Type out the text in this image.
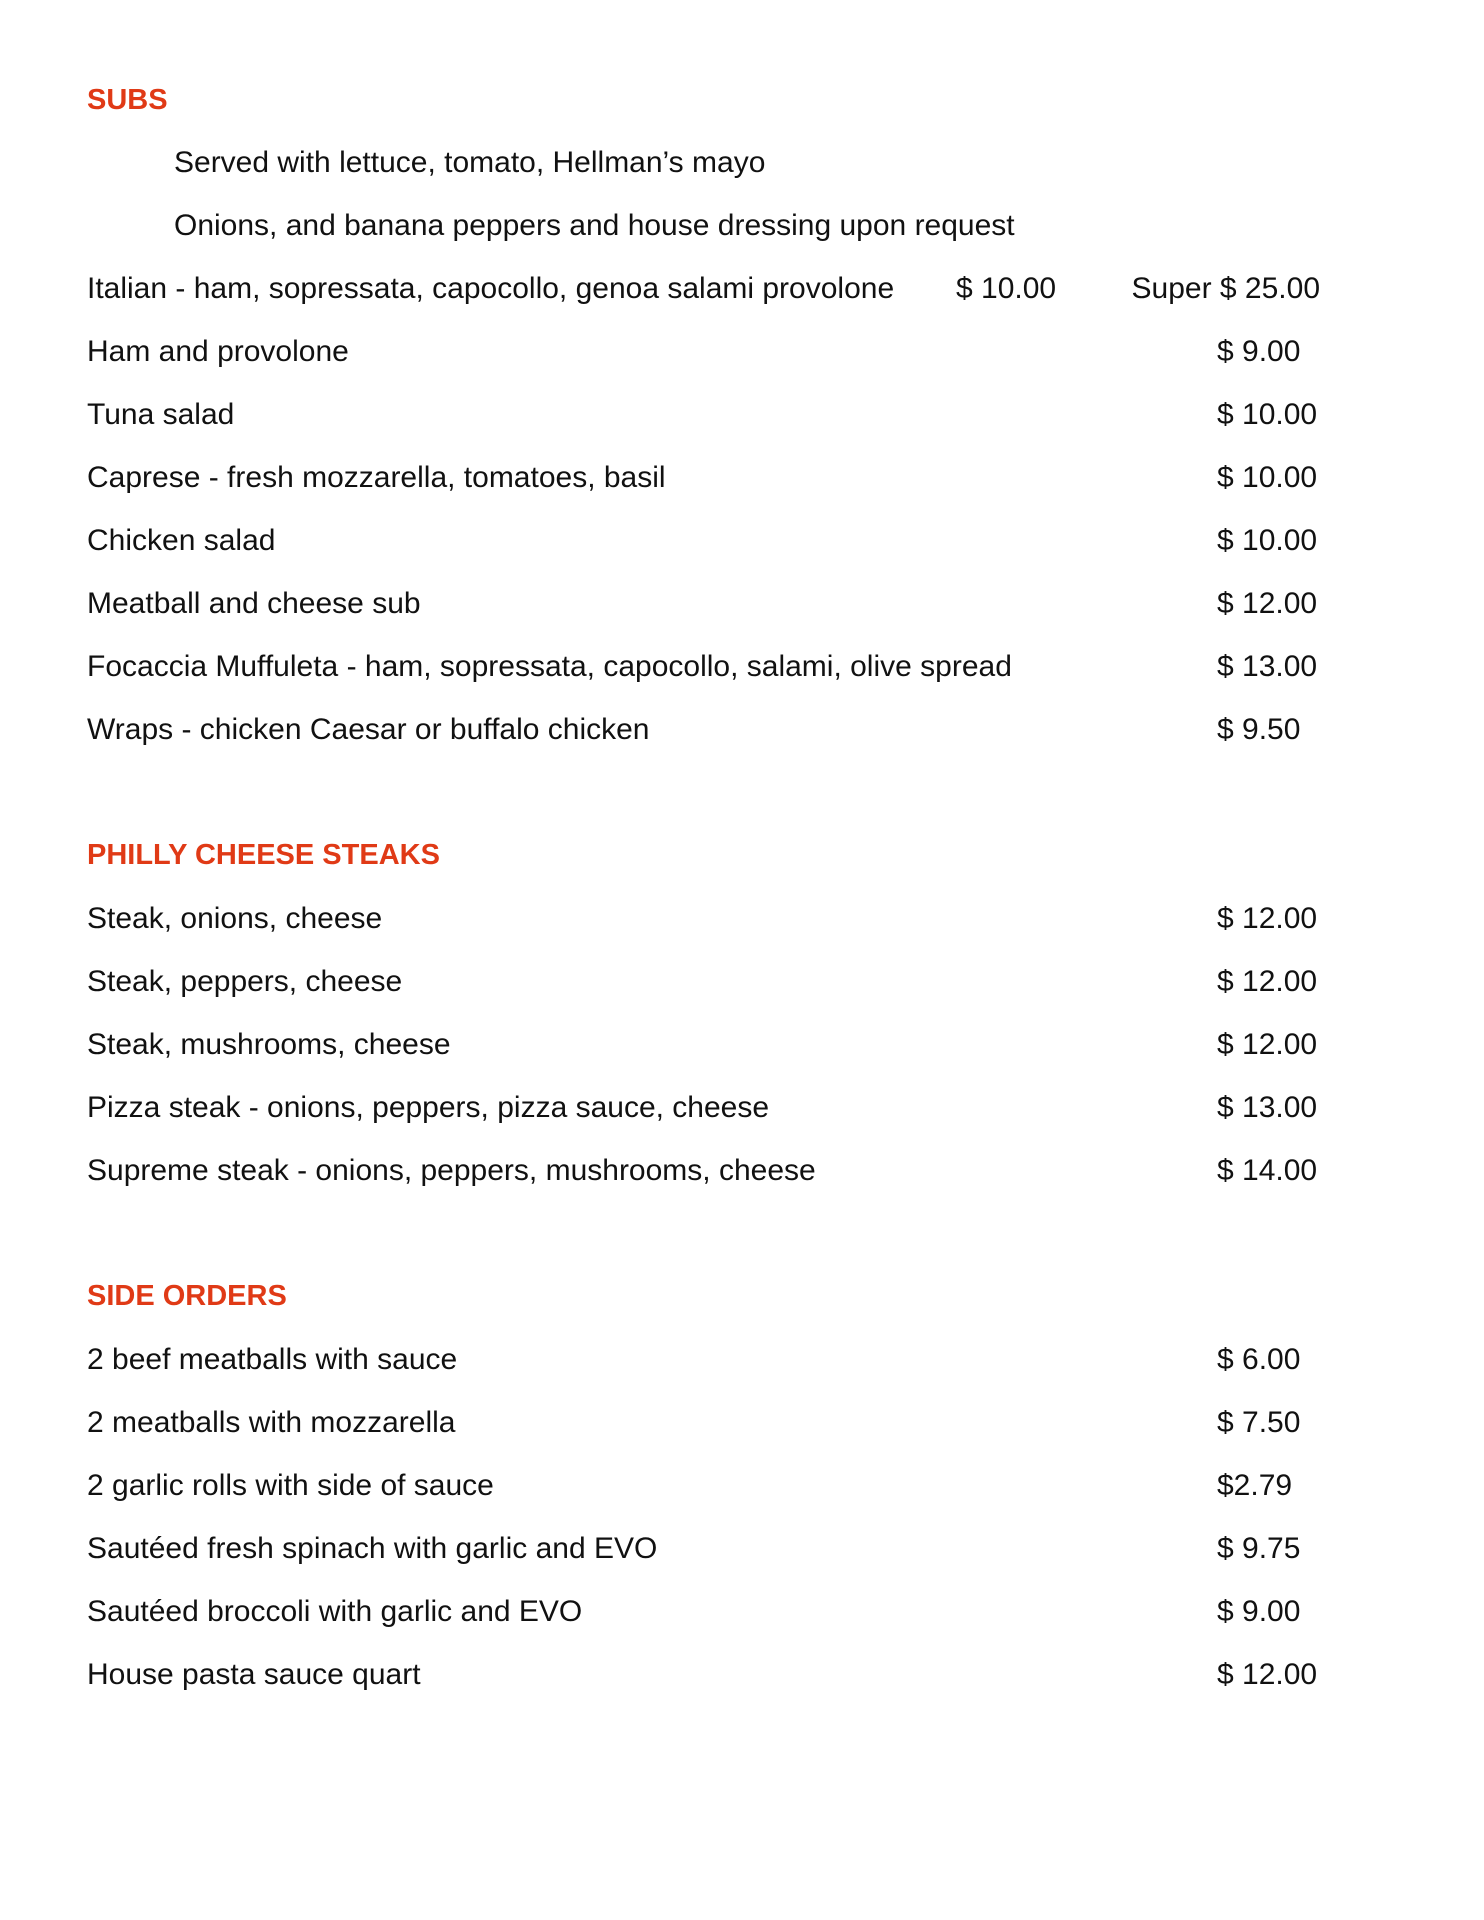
SUBS
Served with lettuce, tomato, Hellman’s mayo
Onions, and banana peppers and house dressing upon request
Italian - ham, sopressata, capocollo, genoa salami provolone $ 10.00	Super $ 25.00
Ham and provolone	$ 9.00
Tuna salad	$ 10.00
Caprese - fresh mozzarella, tomatoes, basil	$ 10.00
Chicken salad	$ 10.00
Meatball and cheese sub	$ 12.00
Focaccia Muffuleta - ham, sopressata, capocollo, salami, olive spread	$ 13.00
Wraps - chicken Caesar or buffalo chicken	$ 9.50
PHILLY CHEESE STEAKS
Steak, onions, cheese	$ 12.00
Steak, peppers, cheese	$ 12.00
Steak, mushrooms, cheese	$ 12.00
Pizza steak - onions, peppers, pizza sauce, cheese	$ 13.00
Supreme steak - onions, peppers, mushrooms, cheese	$ 14.00
SIDE ORDERS
2 beef meatballs with sauce	$ 6.00
2 meatballs with mozzarella	$ 7.50
2 garlic rolls with side of sauce	$2.79
Sautéed fresh spinach with garlic and EVO	$ 9.75
Sautéed broccoli with garlic and EVO	$ 9.00
House pasta sauce quart	$ 12.00
